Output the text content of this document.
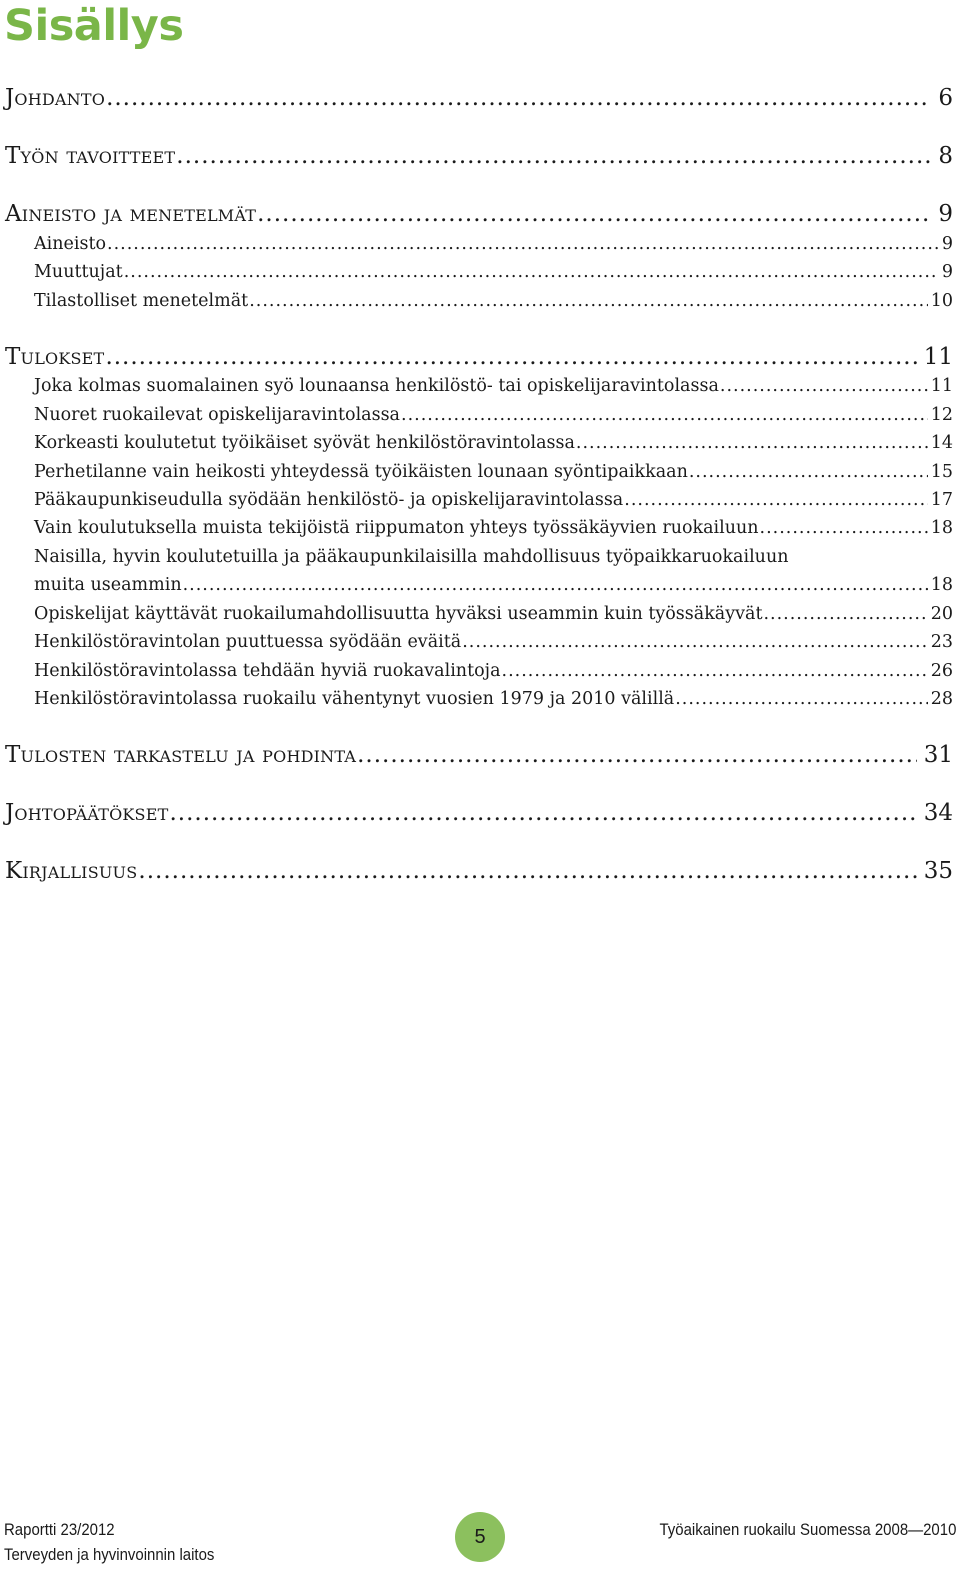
Sisällys
Johdanto .....	6
Työn tavoitteet .....	8
Aineisto ja menetelmät .....	9
Aineisto .....	9
Muuttujat .....	9
Tilastolliset menetelmät .....	10
Tulokset .....	11
Joka kolmas suomalainen syö lounaansa henkilöstö- tai opiskelijaravintolassa .....	11
Nuoret ruokailevat opiskelijaravintolassa .....	12
Korkeasti koulutetut työikäiset syövät henkilöstöravintolassa .....	14
Perhetilanne vain heikosti yhteydessä työikäisten lounaan syöntipaikkaan .....	15
Pääkaupunkiseudulla syödään henkilöstö- ja opiskelijaravintolassa .....	17
Vain koulutuksella muista tekijöistä riippumaton yhteys työssäkäyvien ruokailuun .....	18
Naisilla, hyvin koulutetuilla ja pääkaupunkilaisilla mahdollisuus työpaikkaruokailuun
muita useammin .....	18
Opiskelijat käyttävät ruokailumahdollisuutta hyväksi useammin kuin työssäkäyvät .....	20
Henkilöstöravintolan puuttuessa syödään eväitä .....	23
Henkilöstöravintolassa tehdään hyviä ruokavalintoja .....	26
Henkilöstöravintolassa ruokailu vähentynyt vuosien 1979 ja 2010 välillä .....	28
Tulosten tarkastelu ja pohdinta .....	31
Johtopäätökset .....	34
Kirjallisuus .....	35
Raportti 23/2012
Terveyden ja hyvinvoinnin laitos
5	Työaikainen ruokailu Suomessa 2008—2010
